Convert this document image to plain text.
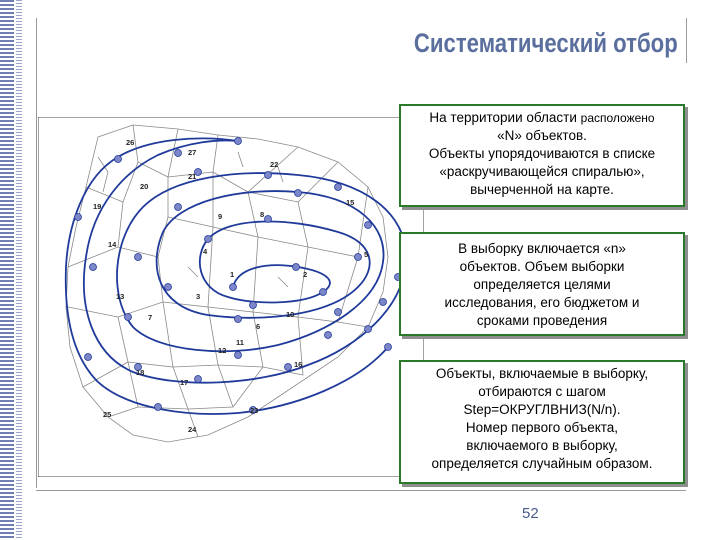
Систематический отбор
1	2
3
4	5
6
7
8
9
10
11
12
13
14
15
16
17
18
19
20
21
22
23
24
25
26
27
На территории области расположено
«N» объектов.
Объекты упорядочиваются в списке
«раскручивающейся спиралью»,
вычерченной на карте.
В выборку включается «n»
объектов. Объем выборки
определяется целями
исследования, его бюджетом и
сроками проведения
Объекты, включаемые в выборку,
отбираются с шагом
Step=ОКРУГЛВНИЗ(N/n).
Номер первого объекта,
включаемого в выборку,
определяется случайным образом.
52
